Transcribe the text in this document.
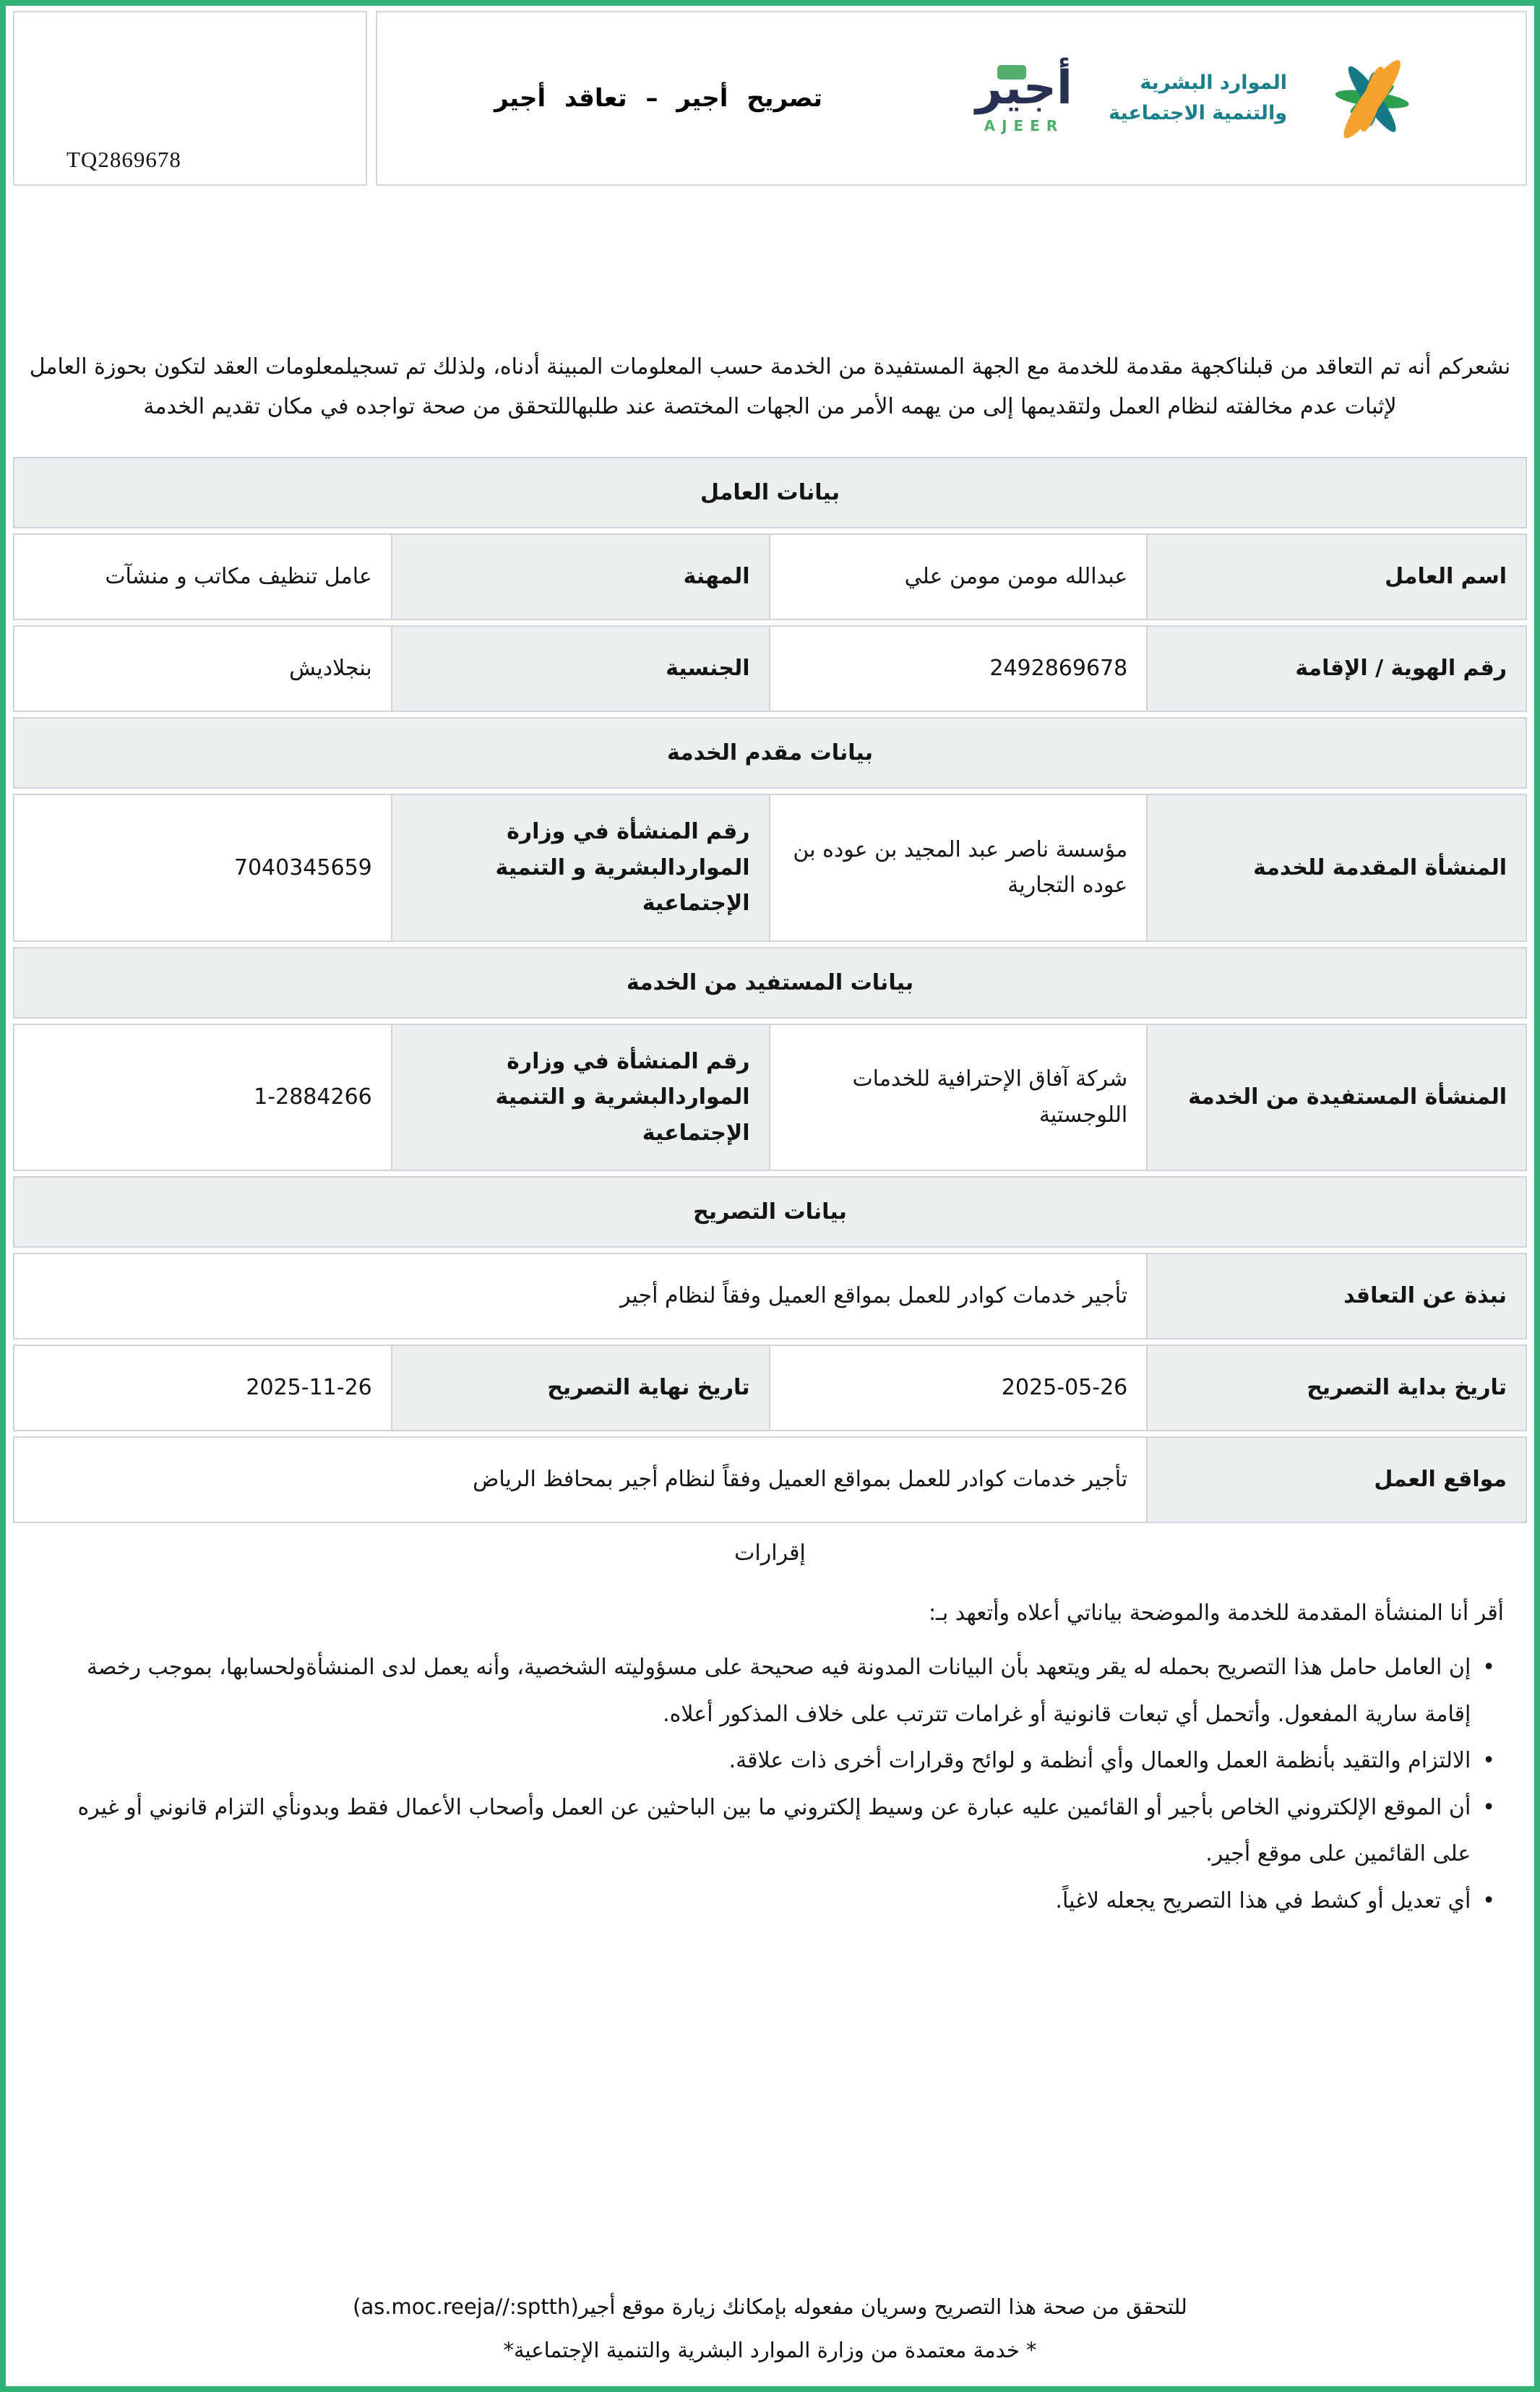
TQ2869678
تصريح أجير – تعاقد أجير	أجير
AJEER
الموارد البشرية
والتنمية الاجتماعية

نشعركم أنه تم التعاقد من قبلناكجهة مقدمة للخدمة مع الجهة المستفيدة من الخدمة حسب المعلومات المبينة أدناه، ولذلك تم تسجيلمعلومات العقد لتكون بحوزة العامل لإثبات عدم مخالفته لنظام العمل ولتقديمها إلى من يهمه الأمر من الجهات المختصة عند طلبهاللتحقق من صحة تواجده في مكان تقديم الخدمة

بيانات العامل
اسم العامل
عبدالله مومن مومن علي
المهنة
عامل تنظيف مكاتب و منشآت
رقم الهوية / الإقامة
2492869678
الجنسية
بنجلاديش
بيانات مقدم الخدمة
المنشأة المقدمة للخدمة
مؤسسة ناصر عبد المجيد بن عوده بن عوده التجارية
رقم المنشأة في وزارة المواردالبشرية و التنمية الإجتماعية
7040345659
بيانات المستفيد من الخدمة
المنشأة المستفيدة من الخدمة
شركة آفاق الإحترافية للخدمات اللوجستية
رقم المنشأة في وزارة المواردالبشرية و التنمية الإجتماعية
1-2884266
بيانات التصريح
نبذة عن التعاقد
تأجير خدمات كوادر للعمل بمواقع العميل وفقاً لنظام أجير
تاريخ بداية التصريح
2025-05-26
تاريخ نهاية التصريح
2025-11-26
مواقع العمل
تأجير خدمات كوادر للعمل بمواقع العميل وفقاً لنظام أجير بمحافظ الرياض
إقرارات
أقر أنا المنشأة المقدمة للخدمة والموضحة بياناتي أعلاه وأتعهد بـ:
•
إن العامل حامل هذا التصريح بحمله له يقر ويتعهد بأن البيانات المدونة فيه صحيحة على مسؤوليته الشخصية، وأنه يعمل لدى المنشأةولحسابها، بموجب رخصة إقامة سارية المفعول. وأتحمل أي تبعات قانونية أو غرامات تترتب على خلاف المذكور أعلاه.
•
الالتزام والتقيد بأنظمة العمل والعمال وأي أنظمة و لوائح وقرارات أخرى ذات علاقة.
•
أن الموقع الإلكتروني الخاص بأجير أو القائمين عليه عبارة عن وسيط إلكتروني ما بين الباحثين عن العمل وأصحاب الأعمال فقط وبدونأي التزام قانوني أو غيره على القائمين على موقع أجير.
•
أي تعديل أو كشط في هذا التصريح يجعله لاغياً.
للتحقق من صحة هذا التصريح وسريان مفعوله بإمكانك زيارة موقع أجير(as.moc.reeja//:sptth)
* خدمة معتمدة من وزارة الموارد البشرية والتنمية الإجتماعية*
